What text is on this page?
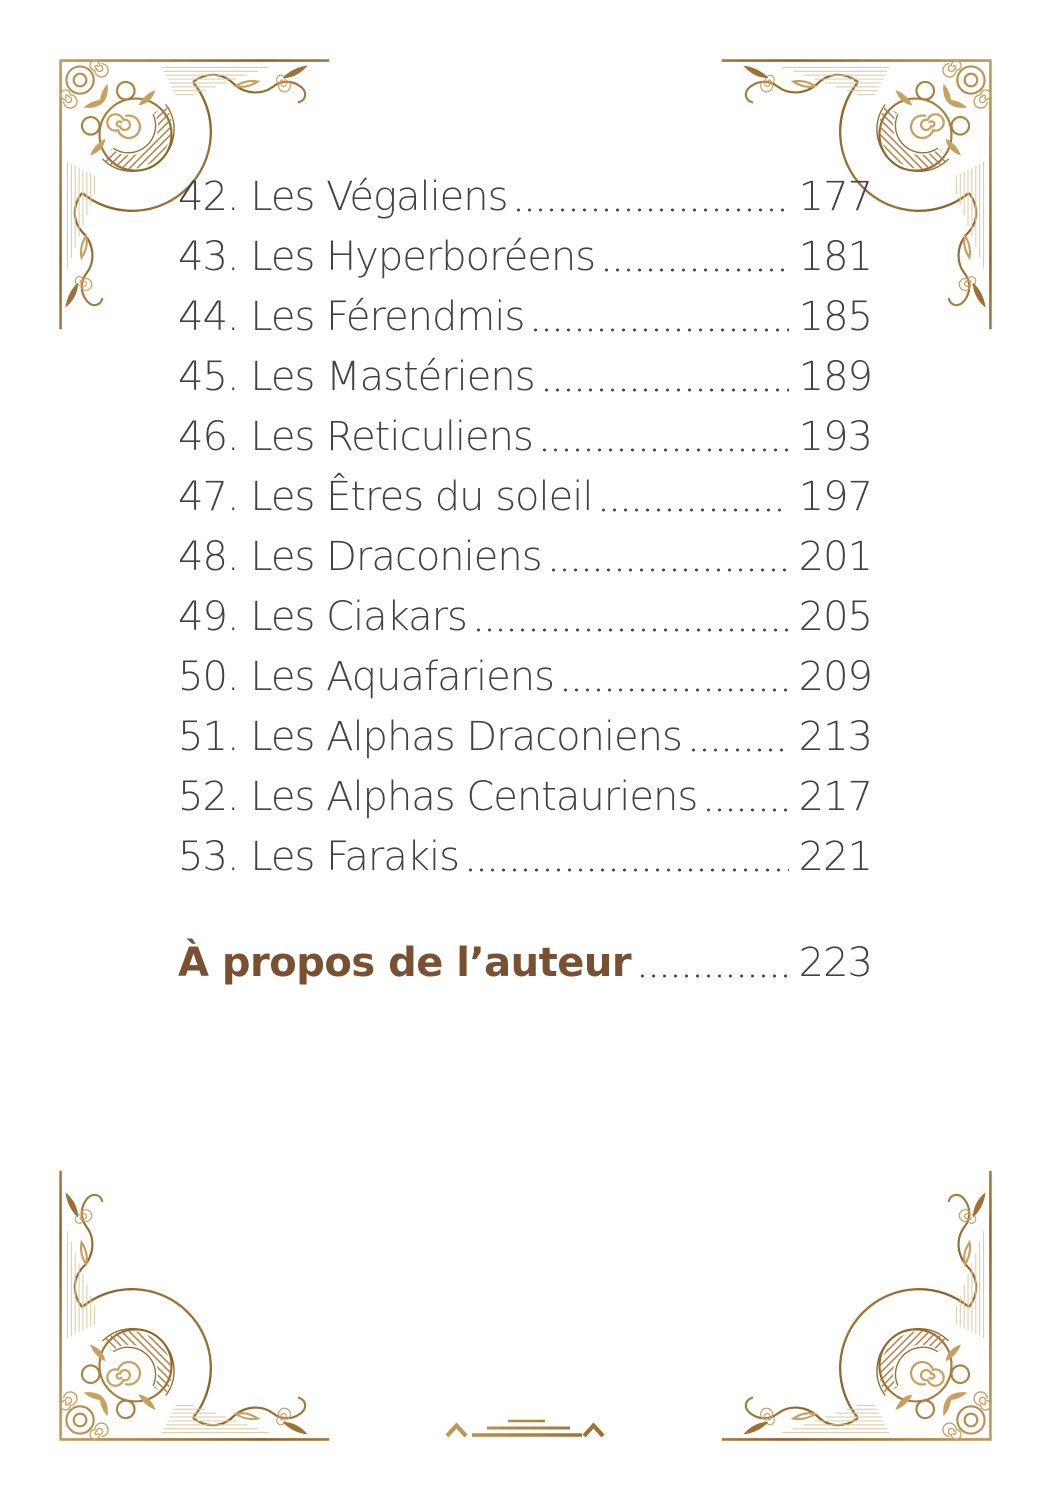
42. Les Végaliens	177
43. Les Hyperboréens	181
44. Les Férendmis	185
45. Les Mastériens	189
46. Les Reticuliens	193
47. Les Êtres du soleil	197
48. Les Draconiens	201
49. Les Ciakars	205
50. Les Aquafariens	209
51. Les Alphas Draconiens	213
52. Les Alphas Centauriens	217
53. Les Farakis	221
À propos de l’auteur	223
